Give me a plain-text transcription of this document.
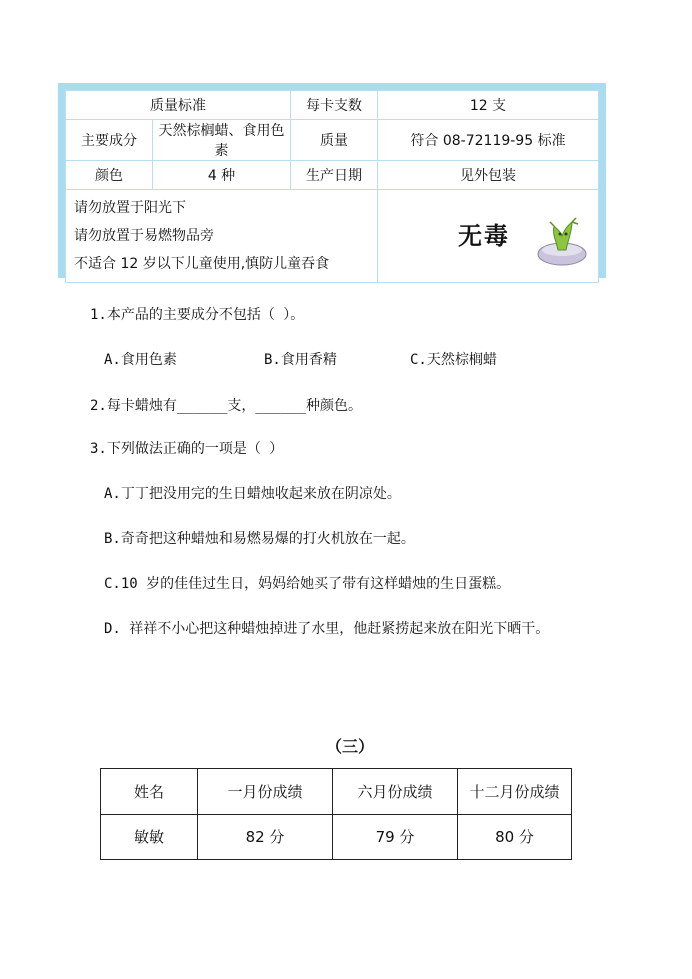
质量标准		每卡支数	12 支
主要成分	天然棕榈蜡、食用色素	质量	符合 08-72119-95 标准
颜色	4 种	生产日期	见外包装

请勿放置于阳光下
请勿放置于易燃物品旁
不适合 12 岁以下儿童使用,慎防儿童吞食			无毒
1.本产品的主要成分不包括（ ）。
A.食用色素	B.食用香精	C.天然棕榈蜡
2.每卡蜡烛有______支，______种颜色。
3.下列做法正确的一项是（ ）
A.丁丁把没用完的生日蜡烛收起来放在阴凉处。
B.奇奇把这种蜡烛和易燃易爆的打火机放在一起。
C.10 岁的佳佳过生日，妈妈给她买了带有这样蜡烛的生日蛋糕。
D. 祥祥不小心把这种蜡烛掉进了水里，他赶紧捞起来放在阳光下晒干。
（三）
姓名	一月份成绩	六月份成绩	十二月份成绩
敏敏	82 分	79 分	80 分
